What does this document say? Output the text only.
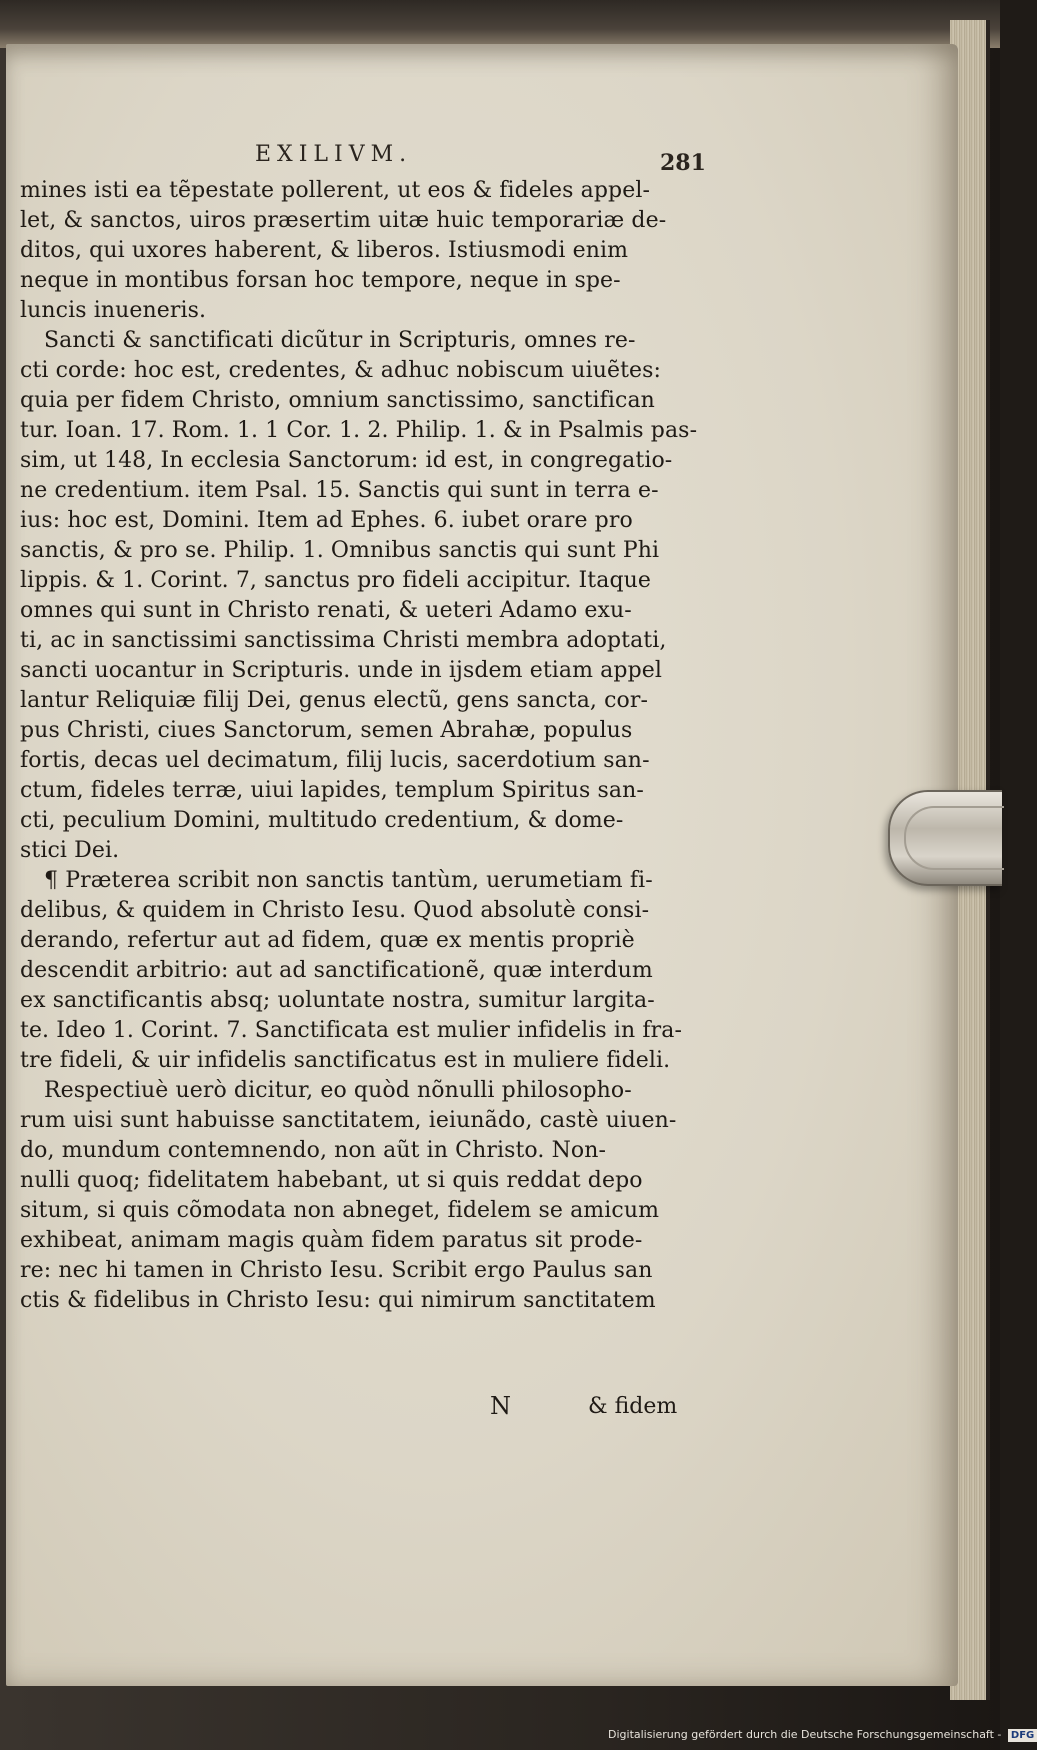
EXILIVM.	281
mines isti ea tẽpestate pollerent, ut eos & fideles appel-
let, & sanctos, uiros præsertim uitæ huic temporariæ de-
ditos, qui uxores haberent, & liberos. Istiusmodi enim
neque in montibus forsan hoc tempore, neque in spe-
luncis inueneris.
Sancti & sanctificati dicũtur in Scripturis, omnes re-
cti corde: hoc est, credentes, & adhuc nobiscum uiuẽtes:
quia per fidem Christo, omnium sanctissimo, sanctifican
tur. Ioan. 17. Rom. 1. 1 Cor. 1. 2. Philip. 1. & in Psalmis pas-
sim, ut 148, In ecclesia Sanctorum: id est, in congregatio-
ne credentium. item Psal. 15. Sanctis qui sunt in terra e-
ius: hoc est, Domini. Item ad Ephes. 6. iubet orare pro
sanctis, & pro se. Philip. 1. Omnibus sanctis qui sunt Phi
lippis. & 1. Corint. 7, sanctus pro fideli accipitur. Itaque
omnes qui sunt in Christo renati, & ueteri Adamo exu-
ti, ac in sanctissimi sanctissima Christi membra adoptati,
sancti uocantur in Scripturis. unde in ijsdem etiam appel
lantur Reliquiæ filij Dei, genus electũ, gens sancta, cor-
pus Christi, ciues Sanctorum, semen Abrahæ, populus
fortis, decas uel decimatum, filij lucis, sacerdotium san-
ctum, fideles terræ, uiui lapides, templum Spiritus san-
cti, peculium Domini, multitudo credentium, & dome-
stici Dei.
¶ Præterea scribit non sanctis tantùm, uerumetiam fi-
delibus, & quidem in Christo Iesu. Quod absolutè consi-
derando, refertur aut ad fidem, quæ ex mentis propriè
descendit arbitrio: aut ad sanctificationẽ, quæ interdum
ex sanctificantis absq; uoluntate nostra, sumitur largita-
te. Ideo 1. Corint. 7. Sanctificata est mulier infidelis in fra-
tre fideli, & uir infidelis sanctificatus est in muliere fideli.
Respectiuè uerò dicitur, eo quòd nõnulli philosopho-
rum uisi sunt habuisse sanctitatem, ieiunãdo, castè uiuen-
do, mundum contemnendo, non aũt in Christo. Non-
nulli quoq; fidelitatem habebant, ut si quis reddat depo
situm, si quis cõmodata non abneget, fidelem se amicum
exhibeat, animam magis quàm fidem paratus sit prode-
re: nec hi tamen in Christo Iesu. Scribit ergo Paulus san
ctis & fidelibus in Christo Iesu: qui nimirum sanctitatem
N	& fidem
Digitalisierung gefördert durch die Deutsche Forschungsgemeinschaft - DFG
